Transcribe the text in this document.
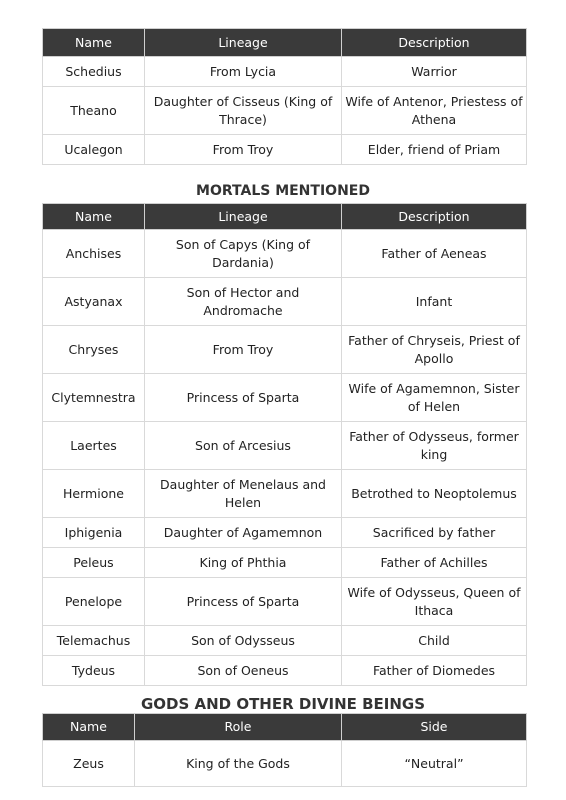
Name	Lineage	Description
Schedius	From Lycia	Warrior
Theano	Daughter of Cisseus (King of Thrace)	Wife of Antenor, Priestess of Athena
Ucalegon	From Troy	Elder, friend of Priam
MORTALS MENTIONED
Name	Lineage	Description
Anchises	Son of Capys (King of Dardania)	Father of Aeneas
Astyanax	Son of Hector and Andromache	Infant
Chryses	From Troy	Father of Chryseis, Priest of Apollo
Clytemnestra	Princess of Sparta	Wife of Agamemnon, Sister of Helen
Laertes	Son of Arcesius	Father of Odysseus, former king
Hermione	Daughter of Menelaus and Helen	Betrothed to Neoptolemus
Iphigenia	Daughter of Agamemnon	Sacrificed by father
Peleus	King of Phthia	Father of Achilles
Penelope	Princess of Sparta	Wife of Odysseus, Queen of Ithaca
Telemachus	Son of Odysseus	Child
Tydeus	Son of Oeneus	Father of Diomedes
GODS AND OTHER DIVINE BEINGS
Name	Role	Side
Zeus	King of the Gods	“Neutral”
